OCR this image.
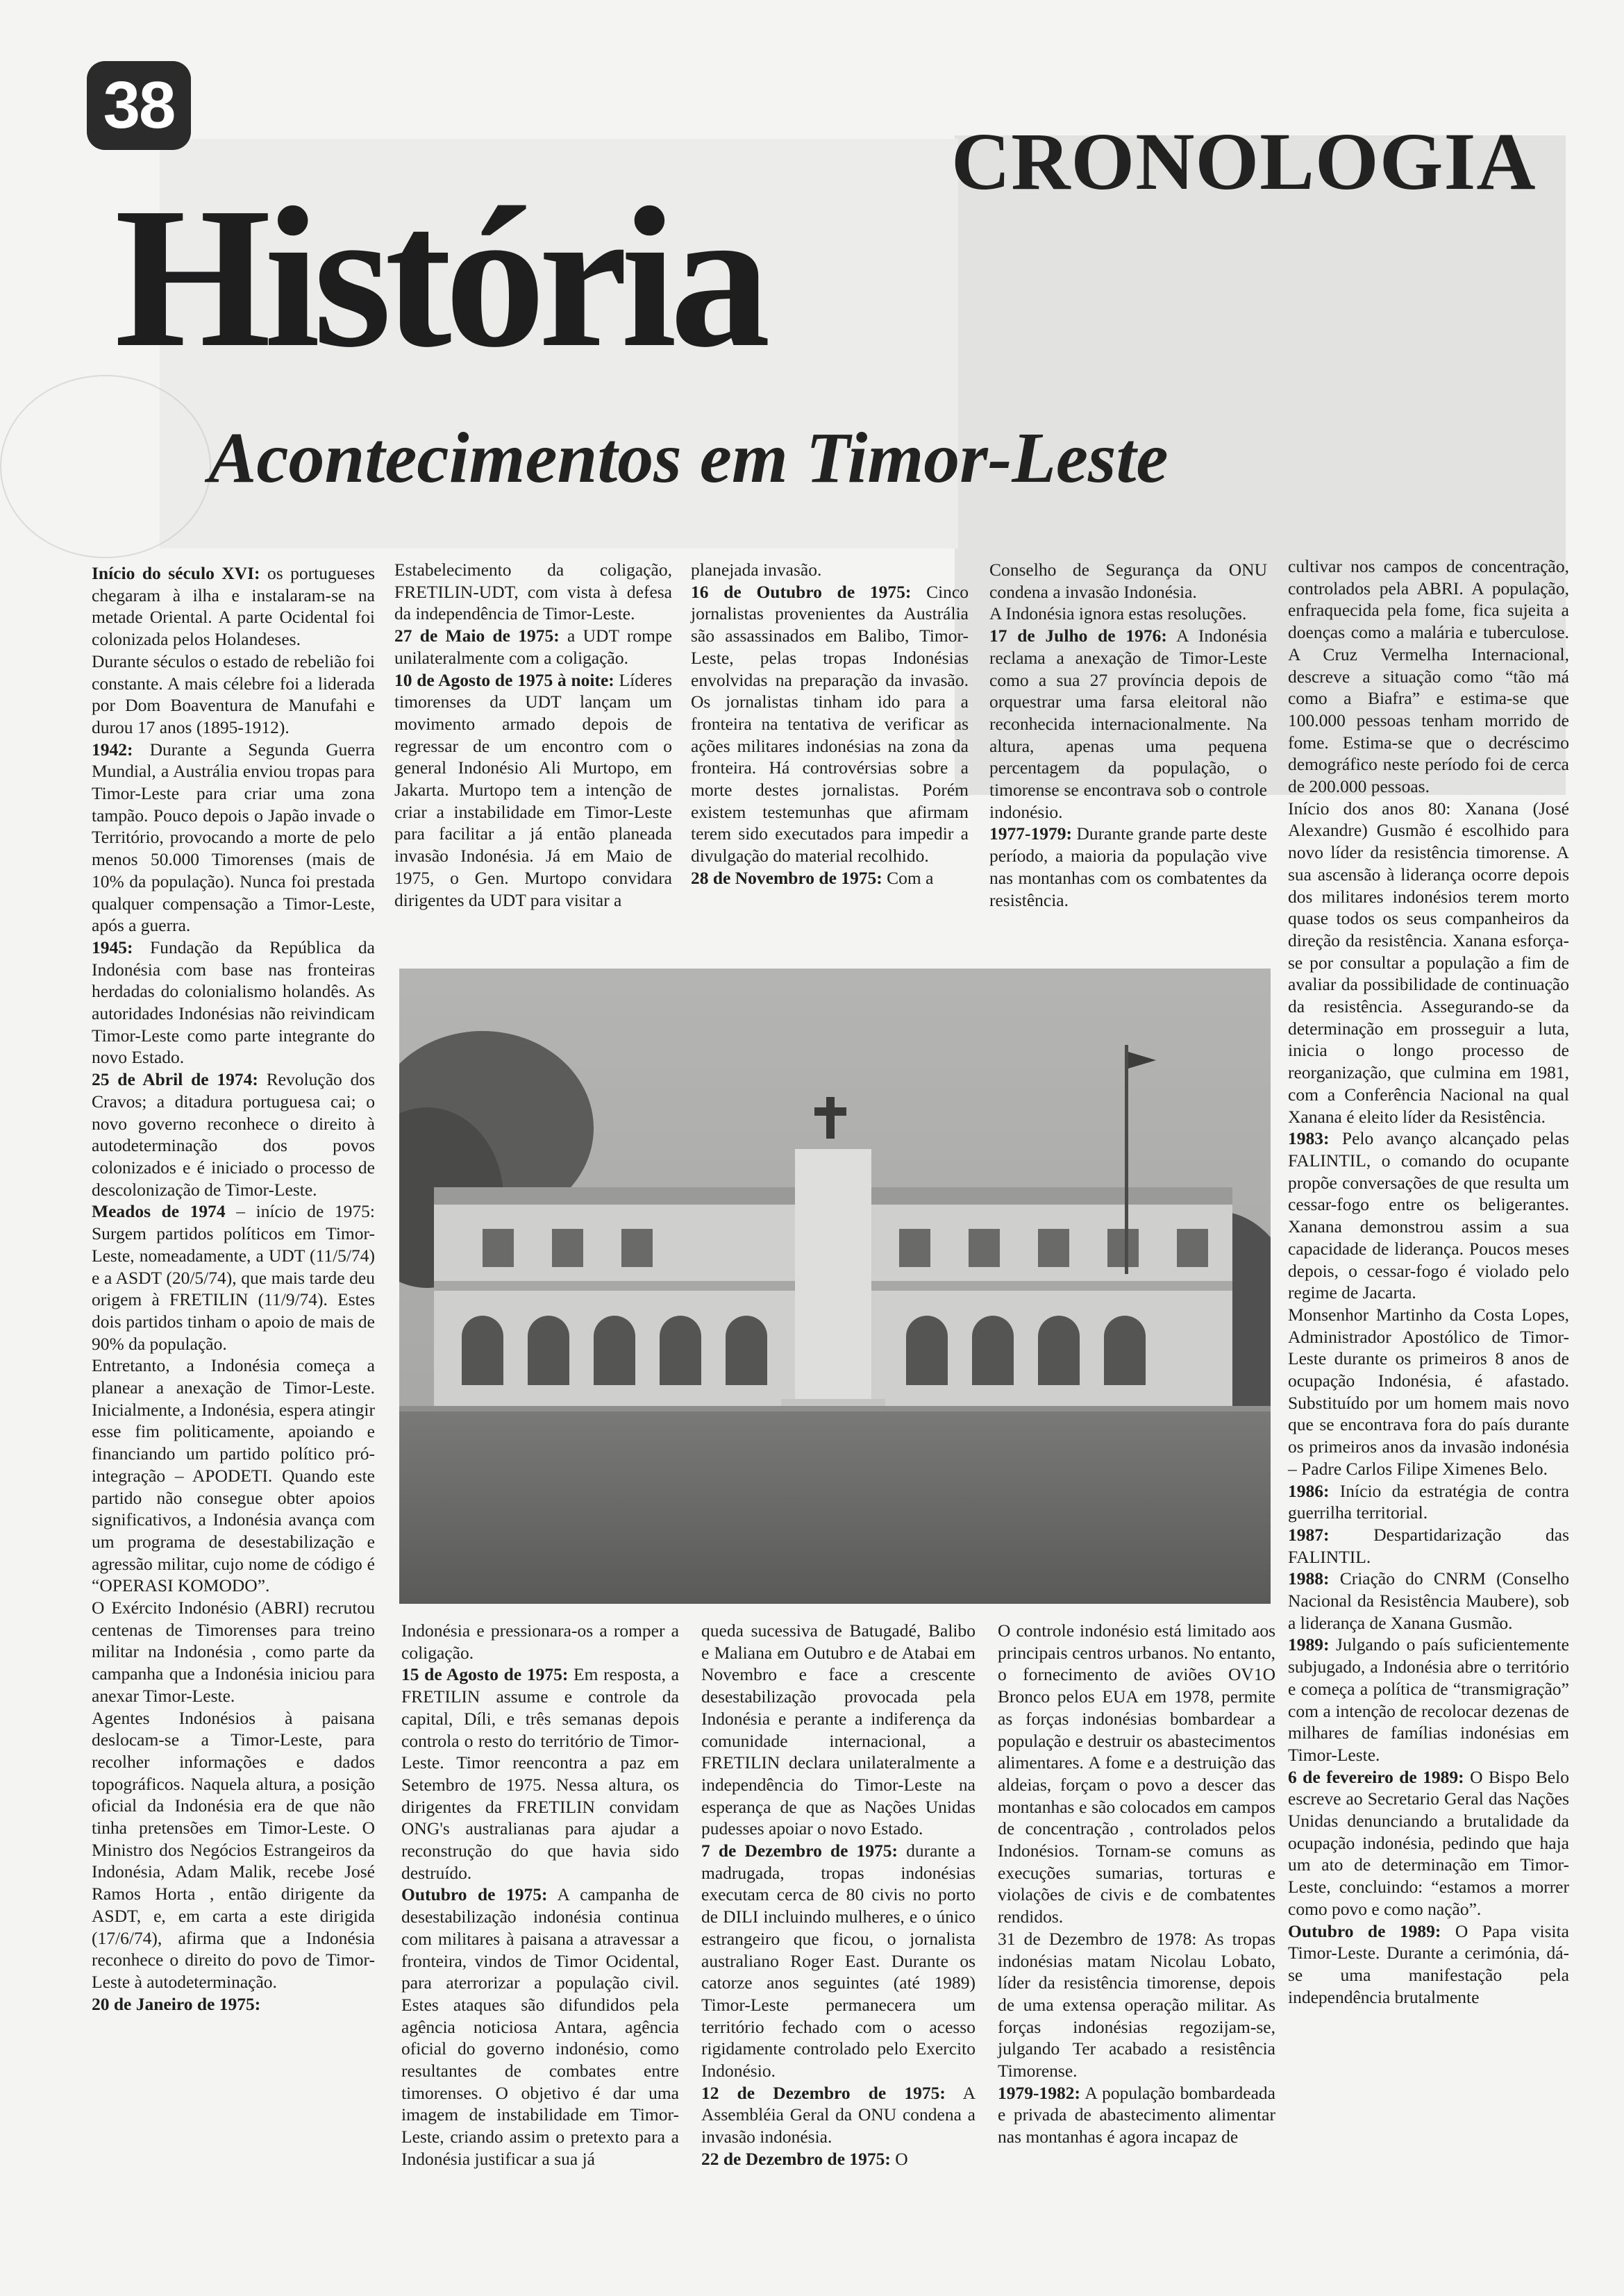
38
CRONOLOGIA
História
Acontecimentos em Timor-Leste

Início do século XVI: os portugueses chegaram à ilha e instalaram-se na metade Oriental. A parte Ocidental foi colonizada pelos Holandeses.

Durante séculos o estado de rebelião foi constante. A mais célebre foi a liderada por Dom Boaventura de Manufahi e durou 17 anos (1895-1912).

1942: Durante a Segunda Guerra Mundial, a Austrália enviou tropas para Timor-Leste para criar uma zona tampão. Pouco depois o Japão invade o Território, provocando a morte de pelo menos 50.000 Timorenses (mais de 10% da população). Nunca foi prestada qualquer compensação a Timor-Leste, após a guerra.

1945: Fundação da República da Indonésia com base nas fronteiras herdadas do colonialismo holandês. As autoridades Indonésias não reivindicam Timor-Leste como parte integrante do novo Estado.

25 de Abril de 1974: Revolução dos Cravos; a ditadura portuguesa cai; o novo governo reconhece o direito à autodeterminação dos povos colonizados e é iniciado o processo de descolonização de Timor-Leste.

Meados de 1974 – início de 1975: Surgem partidos políticos em Timor-Leste, nomeadamente, a UDT (11/5/74) e a ASDT (20/5/74), que mais tarde deu origem à FRETILIN (11/9/74). Estes dois partidos tinham o apoio de mais de 90% da população.

Entretanto, a Indonésia começa a planear a anexação de Timor-Leste. Inicialmente, a Indonésia, espera atingir esse fim politicamente, apoiando e financiando um partido político pró-integração – APODETI. Quando este partido não consegue obter apoios significativos, a Indonésia avança com um programa de desestabilização e agressão militar, cujo nome de código é “OPERASI KOMODO”.

O Exército Indonésio (ABRI) recrutou centenas de Timorenses para treino militar na Indonésia , como parte da campanha que a Indonésia iniciou para anexar Timor-Leste.

Agentes Indonésios à paisana deslocam-se a Timor-Leste, para recolher informações e dados topográficos. Naquela altura, a posição oficial da Indonésia era de que não tinha pretensões em Timor-Leste. O Ministro dos Negócios Estrangeiros da Indonésia, Adam Malik, recebe José Ramos Horta , então dirigente da ASDT, e, em carta a este dirigida (17/6/74), afirma que a Indonésia reconhece o direito do povo de Timor-Leste à autodeterminação.

20 de Janeiro de 1975:

Estabelecimento da coligação, FRETILIN-UDT, com vista à defesa da independência de Timor-Leste.

27 de Maio de 1975: a UDT rompe unilateralmente com a coligação.

10 de Agosto de 1975 à noite: Líderes timorenses da UDT lançam um movimento armado depois de regressar de um encontro com o general Indonésio Ali Murtopo, em Jakarta. Murtopo tem a intenção de criar a instabilidade em Timor-Leste para facilitar a já então planeada invasão Indonésia. Já em Maio de 1975, o Gen. Murtopo convidara dirigentes da UDT para visitar a

Indonésia e pressionara-os a romper a coligação.

15 de Agosto de 1975: Em resposta, a FRETILIN assume e controle da capital, Díli, e três semanas depois controla o resto do território de Timor-Leste. Timor reencontra a paz em Setembro de 1975. Nessa altura, os dirigentes da FRETILIN convidam ONG's australianas para ajudar a reconstrução do que havia sido destruído.

Outubro de 1975: A campanha de desestabilização indonésia continua com militares à paisana a atravessar a fronteira, vindos de Timor Ocidental, para aterrorizar a população civil. Estes ataques são difundidos pela agência noticiosa Antara, agência oficial do governo indonésio, como resultantes de combates entre timorenses. O objetivo é dar uma imagem de instabilidade em Timor-Leste, criando assim o pretexto para a Indonésia justificar a sua já

planejada invasão.

16 de Outubro de 1975: Cinco jornalistas provenientes da Austrália são assassinados em Balibo, Timor-Leste, pelas tropas Indonésias envolvidas na preparação da invasão. Os jornalistas tinham ido para a fronteira na tentativa de verificar as ações militares indonésias na zona da fronteira. Há controvérsias sobre a morte destes jornalistas. Porém existem testemunhas que afirmam terem sido executados para impedir a divulgação do material recolhido.

28 de Novembro de 1975: Com a

queda sucessiva de Batugadé, Balibo e Maliana em Outubro e de Atabai em Novembro e face a crescente desestabilização provocada pela Indonésia e perante a indiferença da comunidade internacional, a FRETILIN declara unilateralmente a independência do Timor-Leste na esperança de que as Nações Unidas pudesses apoiar o novo Estado.

7 de Dezembro de 1975: durante a madrugada, tropas indonésias executam cerca de 80 civis no porto de DILI incluindo mulheres, e o único estrangeiro que ficou, o jornalista australiano Roger East. Durante os catorze anos seguintes (até 1989) Timor-Leste permanecera um território fechado com o acesso rigidamente controlado pelo Exercito Indonésio.

12 de Dezembro de 1975: A Assembléia Geral da ONU condena a invasão indonésia.

22 de Dezembro de 1975: O

Conselho de Segurança da ONU condena a invasão Indonésia.

A Indonésia ignora estas resoluções.

17 de Julho de 1976: A Indonésia reclama a anexação de Timor-Leste como a sua 27 província depois de orquestrar uma farsa eleitoral não reconhecida internacionalmente. Na altura, apenas uma pequena percentagem da população, o timorense se encontrava sob o controle indonésio.

1977-1979: Durante grande parte deste período, a maioria da população vive nas montanhas com os combatentes da resistência.

O controle indonésio está limitado aos principais centros urbanos. No entanto, o fornecimento de aviões OV1O Bronco pelos EUA em 1978, permite as forças indonésias bombardear a população e destruir os abastecimentos alimentares. A fome e a destruição das aldeias, forçam o povo a descer das montanhas e são colocados em campos de concentração , controlados pelos Indonésios. Tornam-se comuns as execuções sumarias, torturas e violações de civis e de combatentes rendidos.

31 de Dezembro de 1978: As tropas indonésias matam Nicolau Lobato, líder da resistência timorense, depois de uma extensa operação militar. As forças indonésias regozijam-se, julgando Ter acabado a resistência Timorense.

1979-1982: A população bombardeada e privada de abastecimento alimentar nas montanhas é agora incapaz de

cultivar nos campos de concentração, controlados pela ABRI. A população, enfraquecida pela fome, fica sujeita a doenças como a malária e tuberculose. A Cruz Vermelha Internacional, descreve a situação como “tão má como a Biafra” e estima-se que 100.000 pessoas tenham morrido de fome. Estima-se que o decréscimo demográfico neste período foi de cerca de 200.000 pessoas.

Início dos anos 80: Xanana (José Alexandre) Gusmão é escolhido para novo líder da resistência timorense. A sua ascensão à liderança ocorre depois dos militares indonésios terem morto quase todos os seus companheiros da direção da resistência. Xanana esforça-se por consultar a população a fim de avaliar da possibilidade de continuação da resistência. Assegurando-se da determinação em prosseguir a luta, inicia o longo processo de reorganização, que culmina em 1981, com a Conferência Nacional na qual Xanana é eleito líder da Resistência.

1983: Pelo avanço alcançado pelas FALINTIL, o comando do ocupante propõe conversações de que resulta um cessar-fogo entre os beligerantes. Xanana demonstrou assim a sua capacidade de liderança. Poucos meses depois, o cessar-fogo é violado pelo regime de Jacarta.

Monsenhor Martinho da Costa Lopes, Administrador Apostólico de Timor-Leste durante os primeiros 8 anos de ocupação Indonésia, é afastado. Substituído por um homem mais novo que se encontrava fora do país durante os primeiros anos da invasão indonésia – Padre Carlos Filipe Ximenes Belo.

1986: Início da estratégia de contra guerrilha territorial.

1987: Despartidarização das FALINTIL.

1988: Criação do CNRM (Conselho Nacional da Resistência Maubere), sob a liderança de Xanana Gusmão.

1989: Julgando o país suficientemente subjugado, a Indonésia abre o território e começa a política de “transmigração” com a intenção de recolocar dezenas de milhares de famílias indonésias em Timor-Leste.

6 de fevereiro de 1989: O Bispo Belo escreve ao Secretario Geral das Nações Unidas denunciando a brutalidade da ocupação indonésia, pedindo que haja um ato de determinação em Timor-Leste, concluindo: “estamos a morrer como povo e como nação”.

Outubro de 1989: O Papa visita Timor-Leste. Durante a cerimónia, dá-se uma manifestação pela independência brutalmente
